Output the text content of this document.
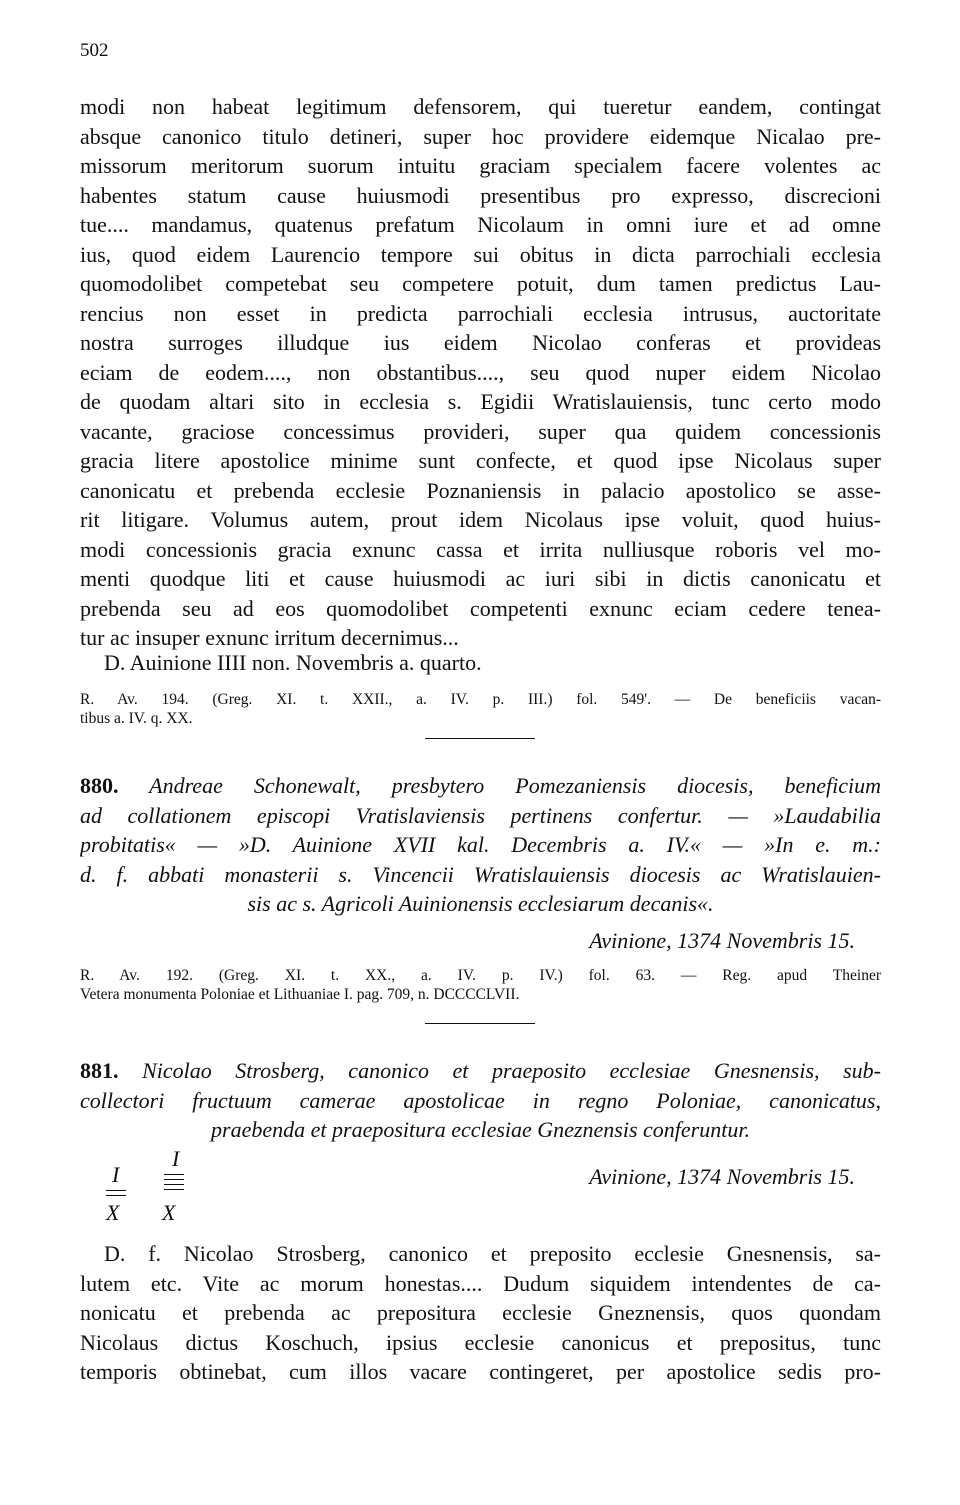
502
modi non habeat legitimum defensorem, qui tueretur eandem, contingat
absque canonico titulo detineri, super hoc providere eidemque Nicalao pre-
missorum meritorum suorum intuitu graciam specialem facere volentes ac
habentes statum cause huiusmodi presentibus pro expresso, discrecioni
tue.... mandamus, quatenus prefatum Nicolaum in omni iure et ad omne
ius, quod eidem Laurencio tempore sui obitus in dicta parrochiali ecclesia
quomodolibet competebat seu competere potuit, dum tamen predictus Lau-
rencius non esset in predicta parrochiali ecclesia intrusus, auctoritate
nostra surroges illudque ius eidem Nicolao conferas et provideas
eciam de eodem...., non obstantibus...., seu quod nuper eidem Nicolao
de quodam altari sito in ecclesia s. Egidii Wratislauiensis, tunc certo modo
vacante, graciose concessimus provideri, super qua quidem concessionis
gracia litere apostolice minime sunt confecte, et quod ipse Nicolaus super
canonicatu et prebenda ecclesie Poznaniensis in palacio apostolico se asse-
rit litigare. Volumus autem, prout idem Nicolaus ipse voluit, quod huius-
modi concessionis gracia exnunc cassa et irrita nulliusque roboris vel mo-
menti quodque liti et cause huiusmodi ac iuri sibi in dictis canonicatu et
prebenda seu ad eos quomodolibet competenti exnunc eciam cedere tenea-
tur ac insuper exnunc irritum decernimus...
D. Auinione IIII non. Novembris a. quarto.
R. Av. 194. (Greg. XI. t. XXII., a. IV. p. III.) fol. 549'. — De beneficiis vacan-
tibus a. IV. q. XX.
880. Andreae Schonewalt, presbytero Pomezaniensis diocesis, beneficium
ad collationem episcopi Vratislaviensis pertinens confertur. — »Laudabilia
probitatis« — »D. Auinione XVII kal. Decembris a. IV.« — »In e. m.:
d. f. abbati monasterii s. Vincencii Wratislauiensis diocesis ac Wratislauien-
sis ac s. Agricoli Auinionensis ecclesiarum decanis«.
Avinione, 1374 Novembris 15.
R. Av. 192. (Greg. XI. t. XX., a. IV. p. IV.) fol. 63. — Reg. apud Theiner
Vetera monumenta Poloniae et Lithuaniae I. pag. 709, n. DCCCCLVII.
881. Nicolao Strosberg, canonico et praeposito ecclesiae Gnesnensis, sub-
collectori fructuum camerae apostolicae in regno Poloniae, canonicatus,
praebenda et praepositura ecclesiae Gneznensis conferuntur.
I
I
X X
Avinione, 1374 Novembris 15.
D. f. Nicolao Strosberg, canonico et preposito ecclesie Gnesnensis, sa-
lutem etc. Vite ac morum honestas.... Dudum siquidem intendentes de ca-
nonicatu et prebenda ac prepositura ecclesie Gneznensis, quos quondam
Nicolaus dictus Koschuch, ipsius ecclesie canonicus et prepositus, tunc
temporis obtinebat, cum illos vacare contingeret, per apostolice sedis pro-
